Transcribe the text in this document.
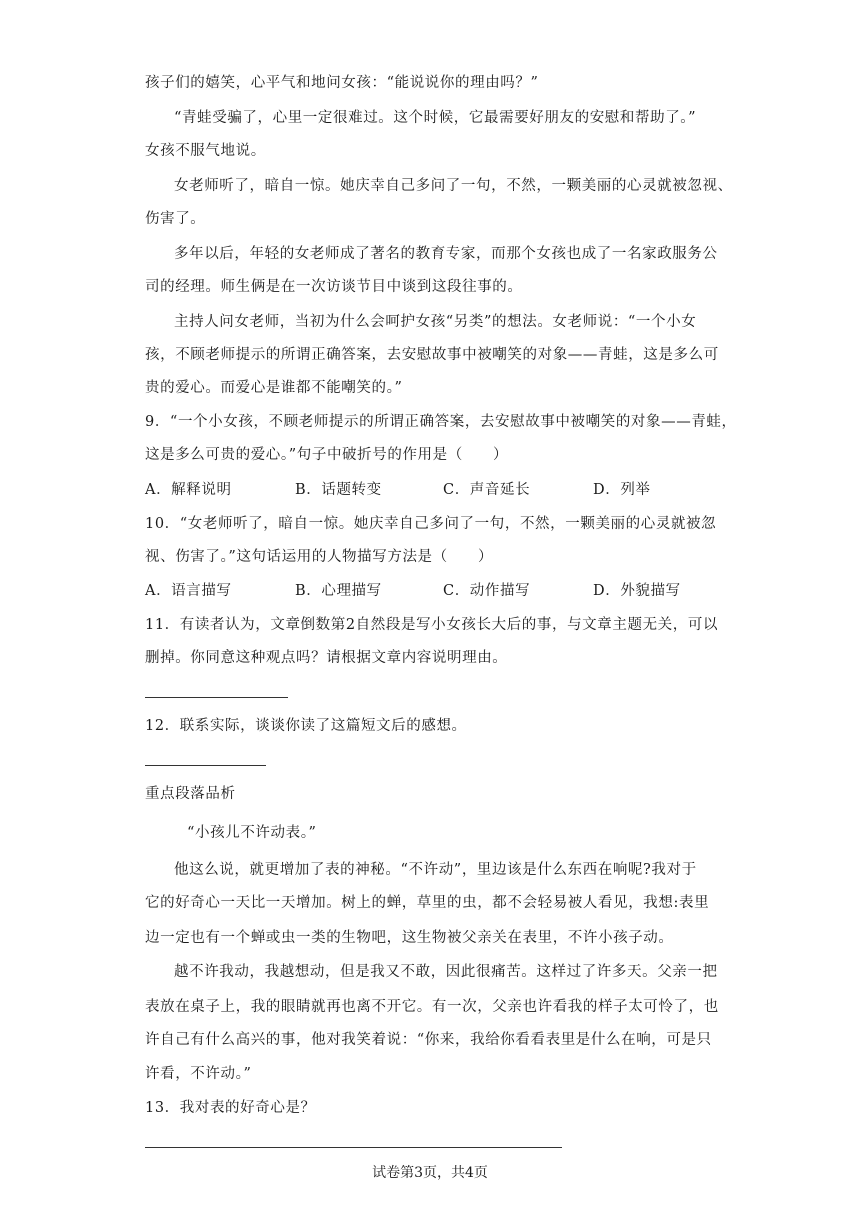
孩子们的嬉笑，心平气和地问女孩：“能说说你的理由吗？”
“青蛙受骗了，心里一定很难过。这个时候，它最需要好朋友的安慰和帮助了。”
女孩不服气地说。
女老师听了，暗自一惊。她庆幸自己多问了一句，不然，一颗美丽的心灵就被忽视、
伤害了。
多年以后，年轻的女老师成了著名的教育专家，而那个女孩也成了一名家政服务公
司的经理。师生俩是在一次访谈节目中谈到这段往事的。
主持人问女老师，当初为什么会呵护女孩“另类”的想法。女老师说：“一个小女
孩，不顾老师提示的所谓正确答案，去安慰故事中被嘲笑的对象——青蛙，这是多么可
贵的爱心。而爱心是谁都不能嘲笑的。”
9．“一个小女孩，不顾老师提示的所谓正确答案，去安慰故事中被嘲笑的对象——青蛙，
这是多么可贵的爱心。”句子中破折号的作用是（　　）
A．解释说明	B．话题转变	C．声音延长	D．列举
10．“女老师听了，暗自一惊。她庆幸自己多问了一句，不然，一颗美丽的心灵就被忽
视、伤害了。”这句话运用的人物描写方法是（　　）
A．语言描写	B．心理描写	C．动作描写	D．外貌描写
11．有读者认为，文章倒数第2自然段是写小女孩长大后的事，与文章主题无关，可以
删掉。你同意这种观点吗？请根据文章内容说明理由。
12．联系实际，谈谈你读了这篇短文后的感想。
重点段落品析
“小孩儿不许动表。”
他这么说，就更增加了表的神秘。“不许动”，里边该是什么东西在响呢?我对于
它的好奇心一天比一天增加。树上的蝉，草里的虫，都不会轻易被人看见，我想:表里
边一定也有一个蝉或虫一类的生物吧，这生物被父亲关在表里，不许小孩子动。
越不许我动，我越想动，但是我又不敢，因此很痛苦。这样过了许多天。父亲一把
表放在桌子上，我的眼睛就再也离不开它。有一次，父亲也许看我的样子太可怜了，也
许自己有什么高兴的事，他对我笑着说：“你来，我给你看看表里是什么在响，可是只
许看，不许动。”
13．我对表的好奇心是？
试卷第3页，共4页
